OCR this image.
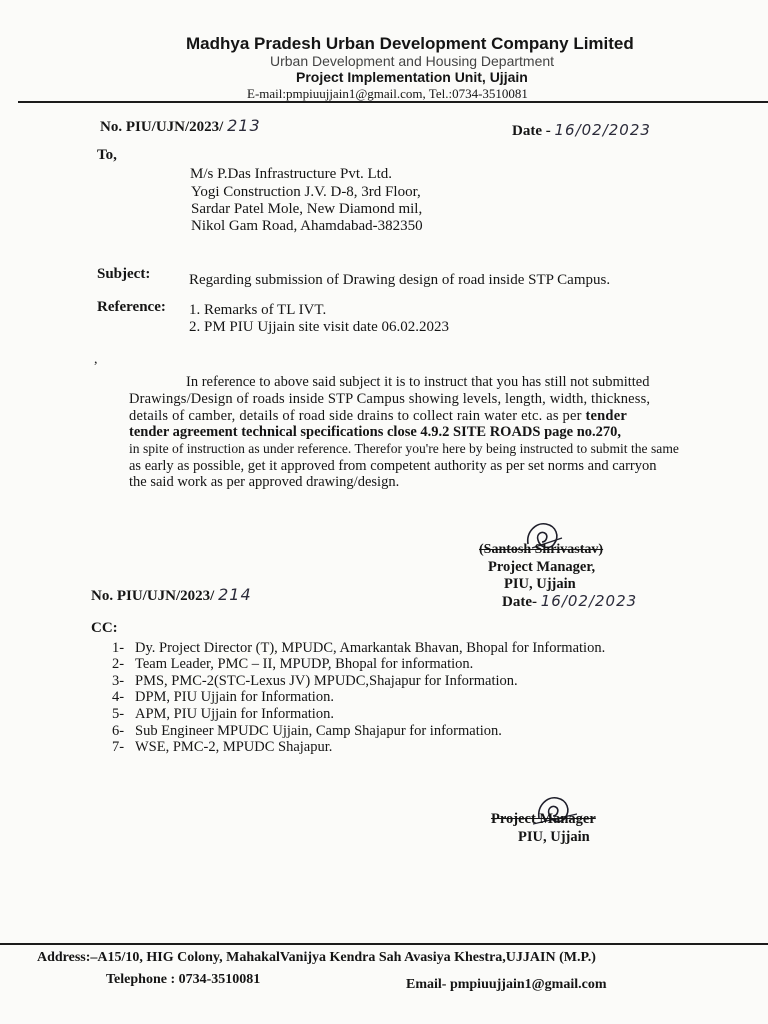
Madhya Pradesh Urban Development Company Limited
Urban Development and Housing Department
Project Implementation Unit, Ujjain
E-mail:pmpiuujjain1@gmail.com, Tel.:0734-3510081
No. PIU/UJN/2023/ 213	Date - 16/02/2023
To,
M/s P.Das Infrastructure Pvt. Ltd.
Yogi Construction J.V. D-8, 3rd Floor,
Sardar Patel Mole, New Diamond mil,
Nikol Gam Road, Ahamdabad-382350
Subject:	Regarding submission of Drawing design of road inside STP Campus.
Reference: 1. Remarks of TL IVT.
2. PM PIU Ujjain site visit date 06.02.2023
,
In reference to above said subject it is to instruct that you has still not submitted
Drawings/Design of roads inside STP Campus showing levels, length, width, thickness,
details of camber, details of road side drains to collect rain water etc. as per tender
tender agreement technical specifications close 4.9.2 SITE ROADS page no.270,
in spite of instruction as under reference. Therefor you're here by being instructed to submit the same
as early as possible, get it approved from competent authority as per set norms and carryon
the said work as per approved drawing/design.
(Santosh Shrivastav)
Project Manager,
PIU, Ujjain
No. PIU/UJN/2023/ 214	Date- 16/02/2023
CC:
1- Dy. Project Director (T), MPUDC, Amarkantak Bhavan, Bhopal for Information.
2- Team Leader, PMC – II, MPUDP, Bhopal for information.
3- PMS, PMC-2(STC-Lexus JV) MPUDC,Shajapur for Information.
4- DPM, PIU Ujjain for Information.
5- APM, PIU Ujjain for Information.
6- Sub Engineer MPUDC Ujjain, Camp Shajapur for information.
7- WSE, PMC-2, MPUDC Shajapur.
Project Manager
PIU, Ujjain
Address:–A15/10, HIG Colony, MahakalVanijya Kendra Sah Avasiya Khestra,UJJAIN (M.P.)
Telephone : 0734-3510081	Email- pmpiuujjain1@gmail.com
